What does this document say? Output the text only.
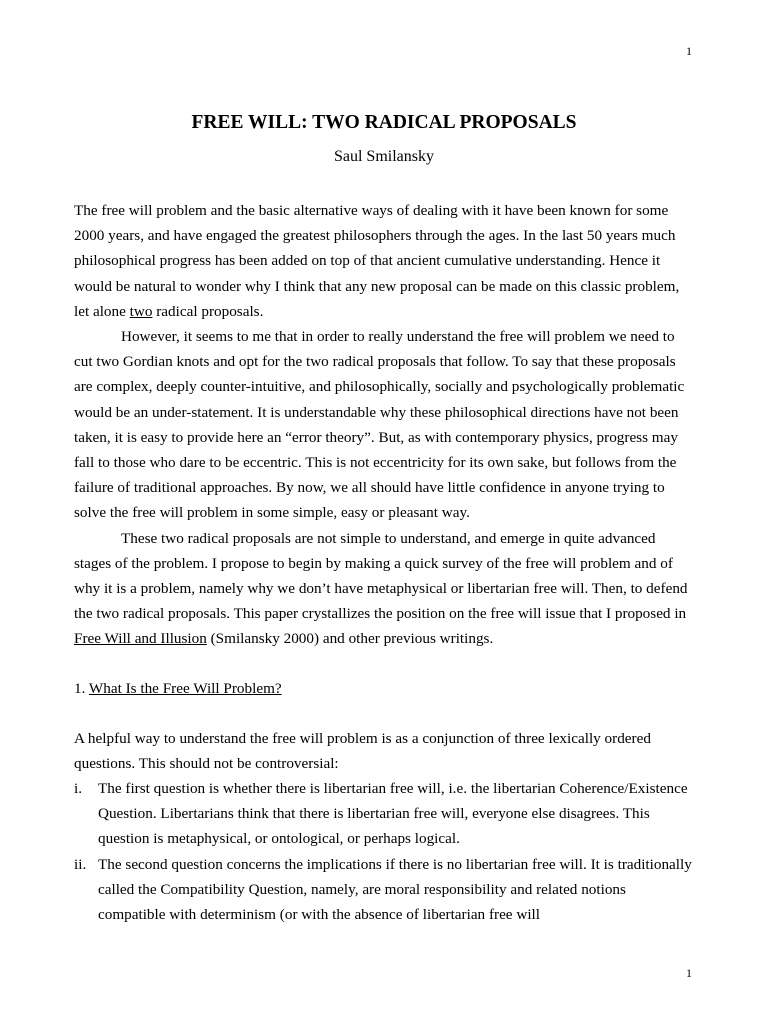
1
FREE WILL: TWO RADICAL PROPOSALS
Saul Smilansky

The free will problem and the basic alternative ways of dealing with it have been known for some 2000 years, and have engaged the greatest philosophers through the ages. In the last 50 years much philosophical progress has been added on top of that ancient cumulative understanding. Hence it would be natural to wonder why I think that any new proposal can be made on this classic problem, let alone two radical proposals.

However, it seems to me that in order to really understand the free will problem we need to cut two Gordian knots and opt for the two radical proposals that follow. To say that these proposals are complex, deeply counter-intuitive, and philosophically, socially and psychologically problematic would be an under-statement. It is understandable why these philosophical directions have not been taken, it is easy to provide here an “error theory”. But, as with contemporary physics, progress may fall to those who dare to be eccentric. This is not eccentricity for its own sake, but follows from the failure of traditional approaches. By now, we all should have little confidence in anyone trying to solve the free will problem in some simple, easy or pleasant way.

These two radical proposals are not simple to understand, and emerge in quite advanced stages of the problem. I propose to begin by making a quick survey of the free will problem and of why it is a problem, namely why we don’t have metaphysical or libertarian free will. Then, to defend the two radical proposals. This paper crystallizes the position on the free will issue that I proposed in Free Will and Illusion (Smilansky 2000) and other previous writings.

1. What Is the Free Will Problem?
A helpful way to understand the free will problem is as a conjunction of three lexically ordered questions. This should not be controversial:
i.	The first question is whether there is libertarian free will, i.e. the libertarian Coherence/Existence Question. Libertarians think that there is libertarian free will, everyone else disagrees. This question is metaphysical, or ontological, or perhaps logical.
ii. The second question concerns the implications if there is no libertarian free will. It is traditionally called the Compatibility Question, namely, are moral responsibility and related notions compatible with determinism (or with the absence of libertarian free will
1
